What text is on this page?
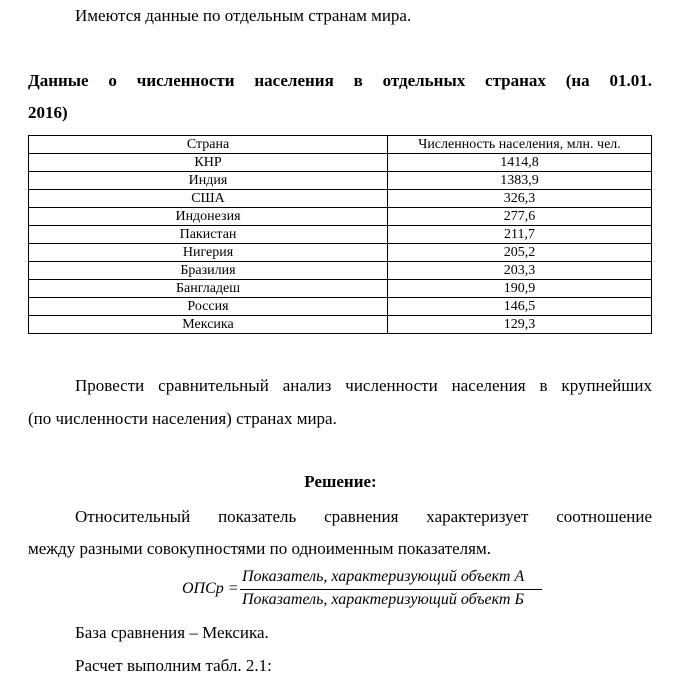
Имеются данные по отдельным странам мира.
Данные о численности населения в отдельных странах (на 01.01.
2016)
Страна	Численность населения, млн. чел.
КНР	1414,8
Индия	1383,9
США	326,3
Индонезия	277,6
Пакистан	211,7
Нигерия	205,2
Бразилия	203,3
Бангладеш	190,9
Россия	146,5
Мексика	129,3
Провести сравнительный анализ численности населения в крупнейших
(по численности населения) странах мира.
Решение:
Относительный показатель сравнения характеризует соотношение
между разными совокупностями по одноименным показателям.
ОПСр =
Показатель, характеризующий объект А
Показатель, характеризующий объект Б
База сравнения – Мексика.
Расчет выполним табл. 2.1:
